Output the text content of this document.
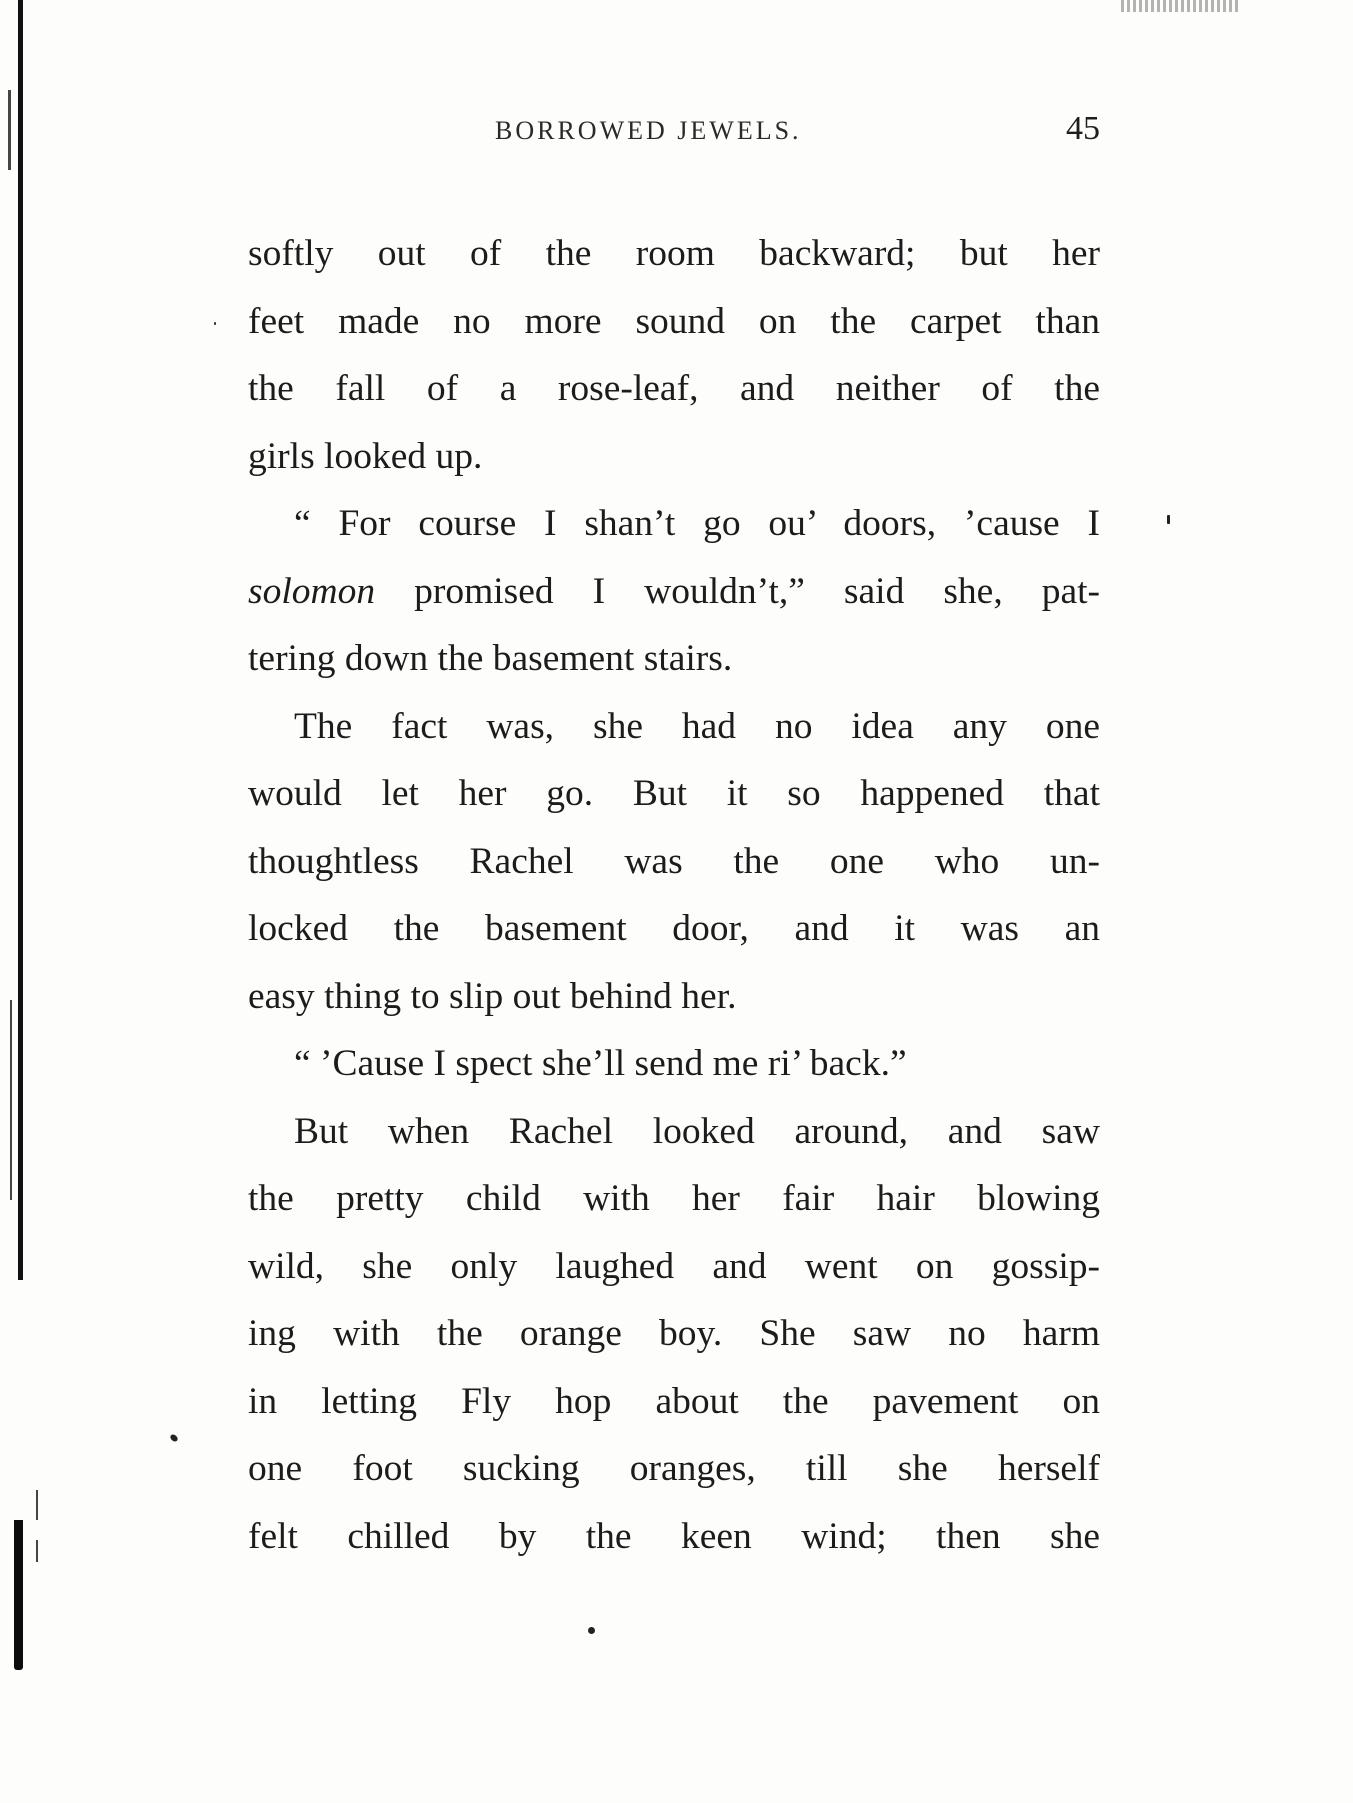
BORROWED JEWELS.	45

softly out of the room backward; but her
feet made no more sound on the carpet than
the fall of a rose-leaf, and neither of the
girls looked up.

“ For course I shan’t go ou’ doors, ’cause I
solomon promised I wouldn’t,” said she, pat-
tering down the basement stairs.

The fact was, she had no idea any one
would let her go. But it so happened that
thoughtless Rachel was the one who un-
locked the basement door, and it was an
easy thing to slip out behind her.

“ ’Cause I spect she’ll send me ri’ back.”

But when Rachel looked around, and saw
the pretty child with her fair hair blowing
wild, she only laughed and went on gossip-
ing with the orange boy. She saw no harm
in letting Fly hop about the pavement on
one foot sucking oranges, till she herself
felt chilled by the keen wind; then she
